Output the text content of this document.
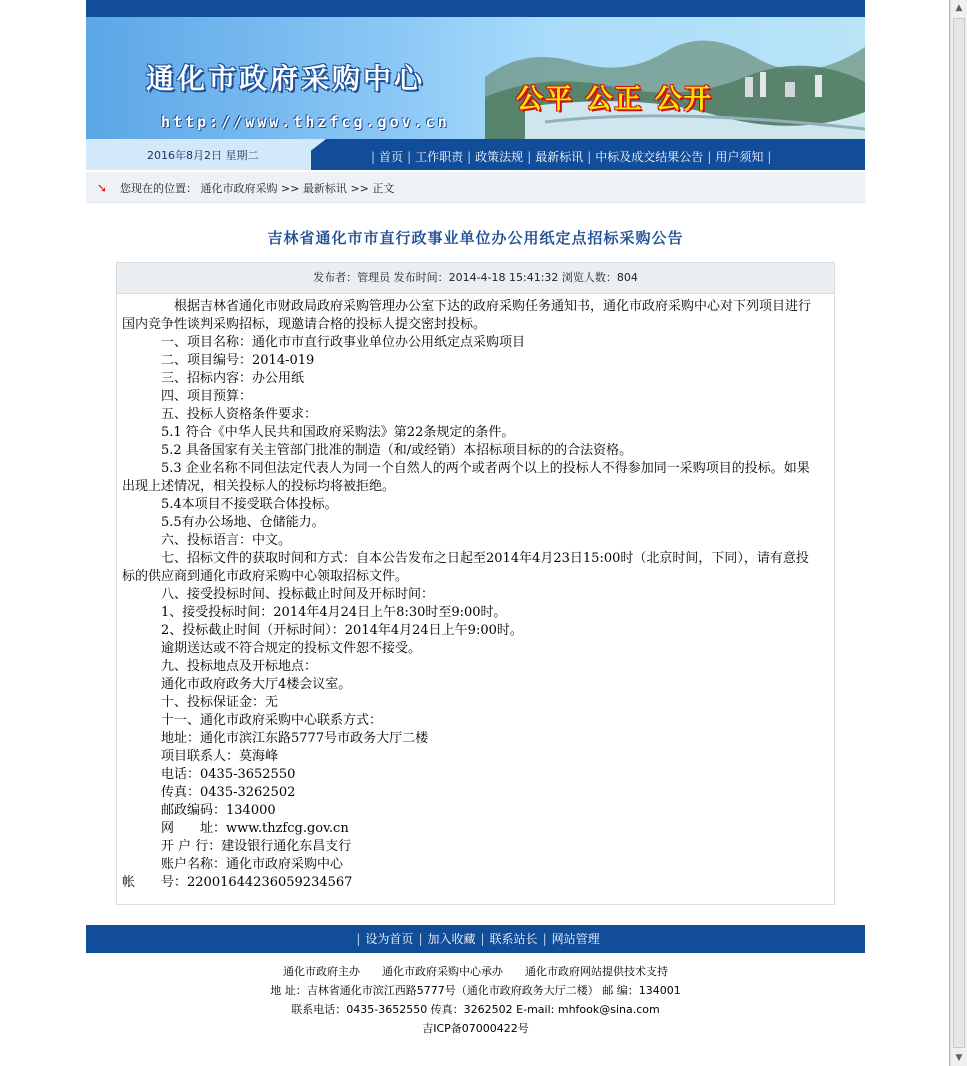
通化市政府采购中心
http://www.thzfcg.gov.cn
公平 公正 公开
2016年8月2日 星期二	| 首页 | 工作职责 | 政策法规 | 最新标讯 | 中标及成交结果公告 | 用户须知 |
➘ 您现在的位置： 通化市政府采购 >> 最新标讯 >> 正文
吉林省通化市市直行政事业单位办公用纸定点招标采购公告
发布者：管理员 发布时间：2014-4-18 15:41:32 浏览人数：804

　　　　根据吉林省通化市财政局政府采购管理办公室下达的政府采购任务通知书，通化市政府采购中心对下列项目进行国内竞争性谈判采购招标，现邀请合格的投标人提交密封投标。

　　　一、项目名称：通化市市直行政事业单位办公用纸定点采购项目

　　　二、项目编号：2014-019

　　　三、招标内容：办公用纸

　　　四、项目预算：

　　　五、投标人资格条件要求：

　　　5.1 符合《中华人民共和国政府采购法》第22条规定的条件。

　　　5.2 具备国家有关主管部门批准的制造（和/或经销）本招标项目标的的合法资格。

　　　5.3 企业名称不同但法定代表人为同一个自然人的两个或者两个以上的投标人不得参加同一采购项目的投标。如果出现上述情况，相关投标人的投标均将被拒绝。

　　　5.4本项目不接受联合体投标。

　　　5.5有办公场地、仓储能力。

　　　六、投标语言：中文。

　　　七、招标文件的获取时间和方式：自本公告发布之日起至2014年4月23日15:00时（北京时间，下同），请有意投标的供应商到通化市政府采购中心领取招标文件。

　　　八、接受投标时间、投标截止时间及开标时间：

　　　1、接受投标时间：2014年4月24日上午8:30时至9:00时。

　　　2、投标截止时间（开标时间）：2014年4月24日上午9:00时。

　　　逾期送达或不符合规定的投标文件恕不接受。

　　　九、投标地点及开标地点：

　　　通化市政府政务大厅4楼会议室。

　　　十、投标保证金：无

　　　十一、通化市政府采购中心联系方式：

　　　地址：通化市滨江东路5777号市政务大厅二楼

　　　项目联系人：莫海峰

　　　电话：0435-3652550

　　　传真：0435-3262502

　　　邮政编码：134000

　　　网　　址：www.thzfcg.gov.cn

　　　开 户 行：建设银行通化东昌支行

　　　账户名称：通化市政府采购中心

帐　　号：22001644236059234567

| 设为首页 | 加入收藏 | 联系站长 | 网站管理
通化市政府主办　　通化市政府采购中心承办　　通化市政府网站提供技术支持
地 址：吉林省通化市滨江西路5777号（通化市政府政务大厅二楼） 邮 编：134001
联系电话：0435-3652550 传真：3262502 E-mail: mhfook@sina.com
吉ICP备07000422号
▲
▼
